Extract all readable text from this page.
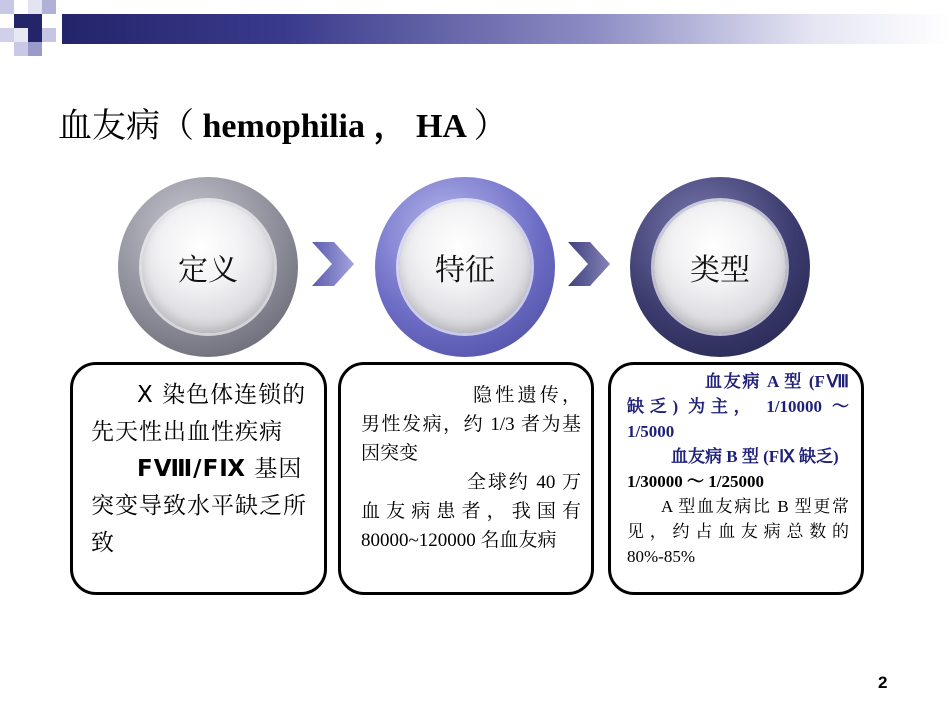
血友病（ hemophilia ， HA ）
定义	特征	类型

X 染色体连锁的先天性出血性疾病

FⅧ/FⅨ 基因突变导致水平缺乏所致

隐性遗传，男性发病，约 1/3 者为基因突变

全球约 40 万血友病患者，我国有 80000~120000 名血友病

血友病 A 型 (FⅧ 缺乏) 为主， 1/10000 ～ 1/5000

血友病 B 型 (FⅨ 缺乏)

1/30000 ～ 1/25000

A 型血友病比 B 型更常见，约占血友病总数的 80%-85%

2
